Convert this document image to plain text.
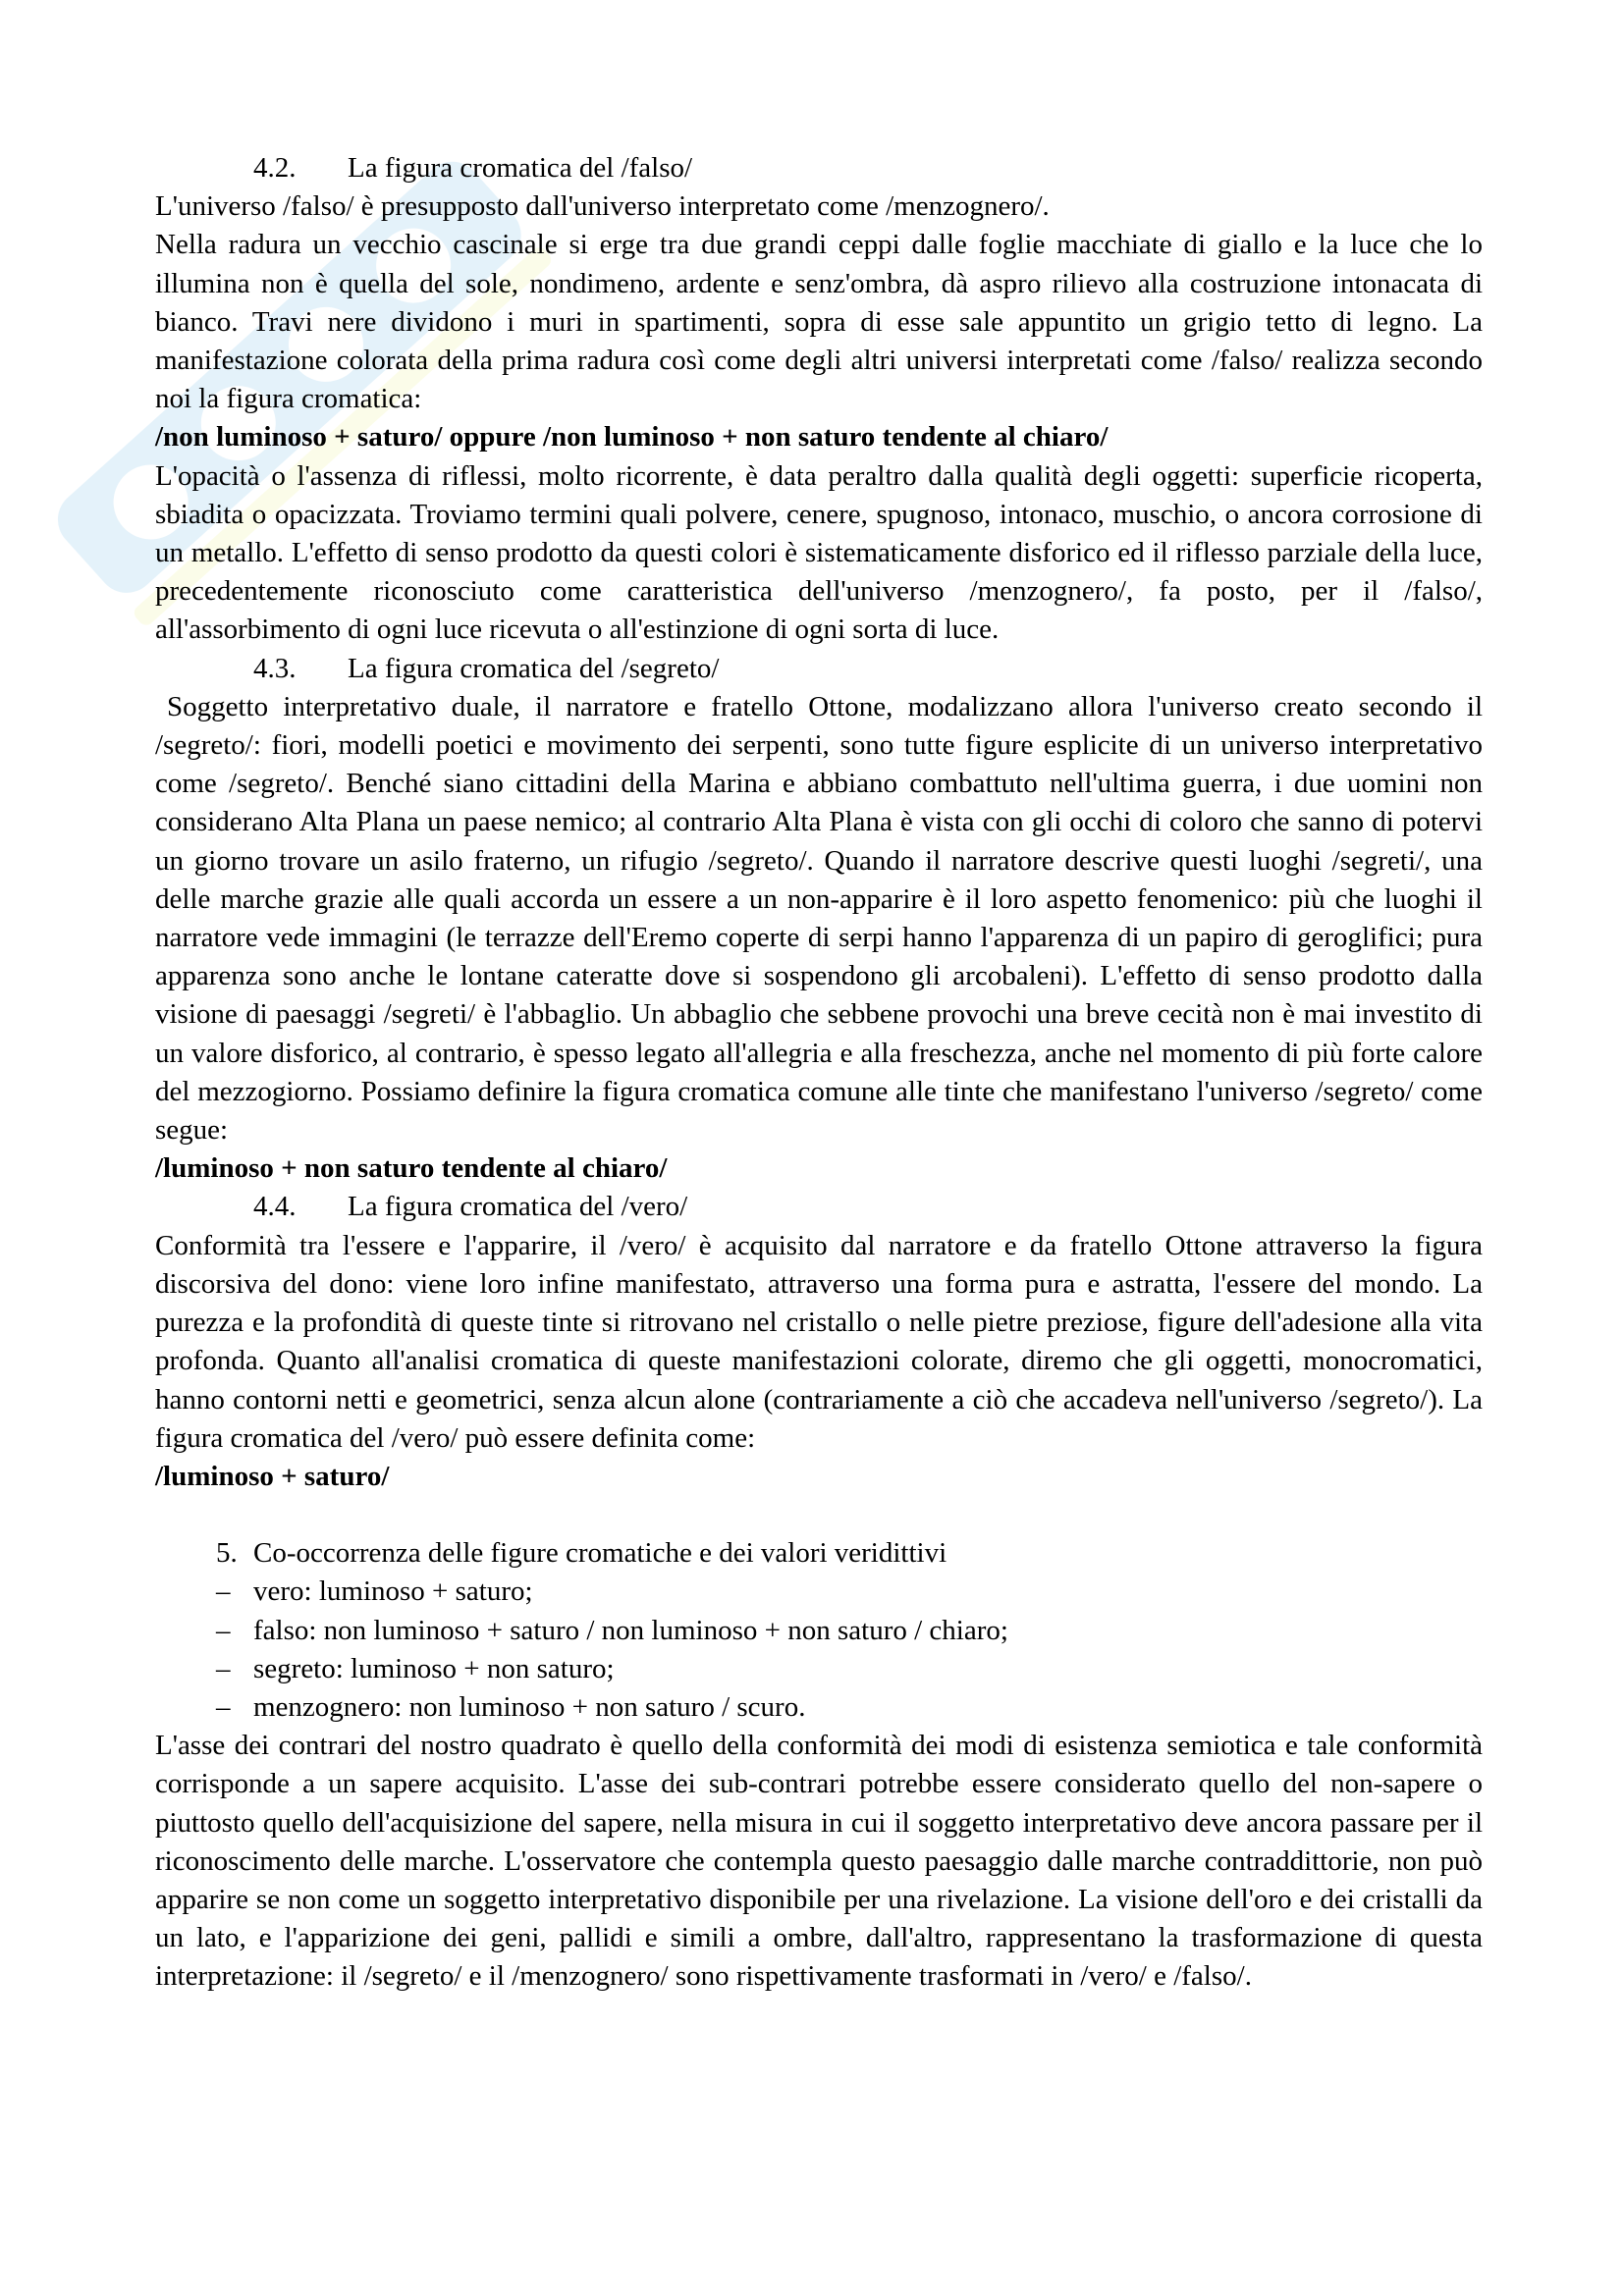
4.2. La figura cromatica del /falso/

L'universo /falso/ è presupposto dall'universo interpretato come /menzognero/.

Nella radura un vecchio cascinale si erge tra due grandi ceppi dalle foglie macchiate di giallo e la luce che lo illumina non è quella del sole, nondimeno, ardente e senz'ombra, dà aspro rilievo alla costruzione intonacata di bianco. Travi nere dividono i muri in spartimenti, sopra di esse sale appuntito un grigio tetto di legno. La manifestazione colorata della prima radura così come degli altri universi interpretati come /falso/ realizza secondo noi la figura cromatica:

/non luminoso + saturo/ oppure /non luminoso + non saturo tendente al chiaro/

L'opacità o l'assenza di riflessi, molto ricorrente, è data peraltro dalla qualità degli oggetti: superficie ricoperta, sbiadita o opacizzata. Troviamo termini quali polvere, cenere, spugnoso, intonaco, muschio, o ancora corrosione di un metallo. L'effetto di senso prodotto da questi colori è sistematicamente disforico ed il riflesso parziale della luce, precedentemente riconosciuto come caratteristica dell'universo /menzognero/, fa posto, per il /falso/, all'assorbimento di ogni luce ricevuta o all'estinzione di ogni sorta di luce.

4.3. La figura cromatica del /segreto/

Soggetto interpretativo duale, il narratore e fratello Ottone, modalizzano allora l'universo creato secondo il /segreto/: fiori, modelli poetici e movimento dei serpenti, sono tutte figure esplicite di un universo interpretativo come /segreto/. Benché siano cittadini della Marina e abbiano combattuto nell'ultima guerra, i due uomini non considerano Alta Plana un paese nemico; al contrario Alta Plana è vista con gli occhi di coloro che sanno di potervi un giorno trovare un asilo fraterno, un rifugio /segreto/. Quando il narratore descrive questi luoghi /segreti/, una delle marche grazie alle quali accorda un essere a un non-apparire è il loro aspetto fenomenico: più che luoghi il narratore vede immagini (le terrazze dell'Eremo coperte di serpi hanno l'apparenza di un papiro di geroglifici; pura apparenza sono anche le lontane cateratte dove si sospendono gli arcobaleni). L'effetto di senso prodotto dalla visione di paesaggi /segreti/ è l'abbaglio. Un abbaglio che sebbene provochi una breve cecità non è mai investito di un valore disforico, al contrario, è spesso legato all'allegria e alla freschezza, anche nel momento di più forte calore del mezzogiorno. Possiamo definire la figura cromatica comune alle tinte che manifestano l'universo /segreto/ come segue:

/luminoso + non saturo tendente al chiaro/

4.4. La figura cromatica del /vero/

Conformità tra l'essere e l'apparire, il /vero/ è acquisito dal narratore e da fratello Ottone attraverso la figura discorsiva del dono: viene loro infine manifestato, attraverso una forma pura e astratta, l'essere del mondo. La purezza e la profondità di queste tinte si ritrovano nel cristallo o nelle pietre preziose, figure dell'adesione alla vita profonda. Quanto all'analisi cromatica di queste manifestazioni colorate, diremo che gli oggetti, monocromatici, hanno contorni netti e geometrici, senza alcun alone (contrariamente a ciò che accadeva nell'universo /segreto/). La figura cromatica del /vero/ può essere definita come:

/luminoso + saturo/

5. Co-occorrenza delle figure cromatiche e dei valori veridittivi

– vero: luminoso + saturo;
– falso: non luminoso + saturo / non luminoso + non saturo / chiaro;
– segreto: luminoso + non saturo;
– menzognero: non luminoso + non saturo / scuro.

L'asse dei contrari del nostro quadrato è quello della conformità dei modi di esistenza semiotica e tale conformità corrisponde a un sapere acquisito. L'asse dei sub-contrari potrebbe essere considerato quello del non-sapere o piuttosto quello dell'acquisizione del sapere, nella misura in cui il soggetto interpretativo deve ancora passare per il riconoscimento delle marche. L'osservatore che contempla questo paesaggio dalle marche contraddittorie, non può apparire se non come un soggetto interpretativo disponibile per una rivelazione. La visione dell'oro e dei cristalli da un lato, e l'apparizione dei geni, pallidi e simili a ombre, dall'altro, rappresentano la trasformazione di questa interpretazione: il /segreto/ e il /menzognero/ sono rispettivamente trasformati in /vero/ e /falso/.
